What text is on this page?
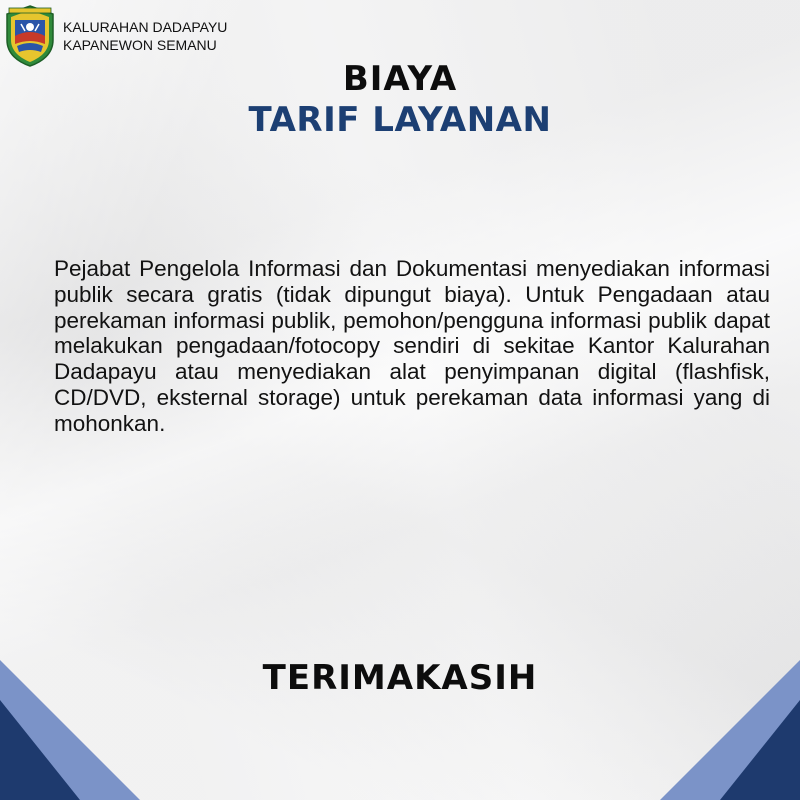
KALURAHAN DADAPAYU
KAPANEWON SEMANU
BIAYA
TARIF LAYANAN
Pejabat Pengelola Informasi dan Dokumentasi menyediakan informasi publik secara gratis (tidak dipungut biaya). Untuk Pengadaan atau perekaman informasi publik, pemohon/pengguna informasi publik dapat melakukan pengadaan/fotocopy sendiri di sekitae Kantor Kalurahan Dadapayu atau menyediakan alat penyimpanan digital (flashfisk, CD/DVD, eksternal storage) untuk perekaman data informasi yang di mohonkan.
TERIMAKASIH
